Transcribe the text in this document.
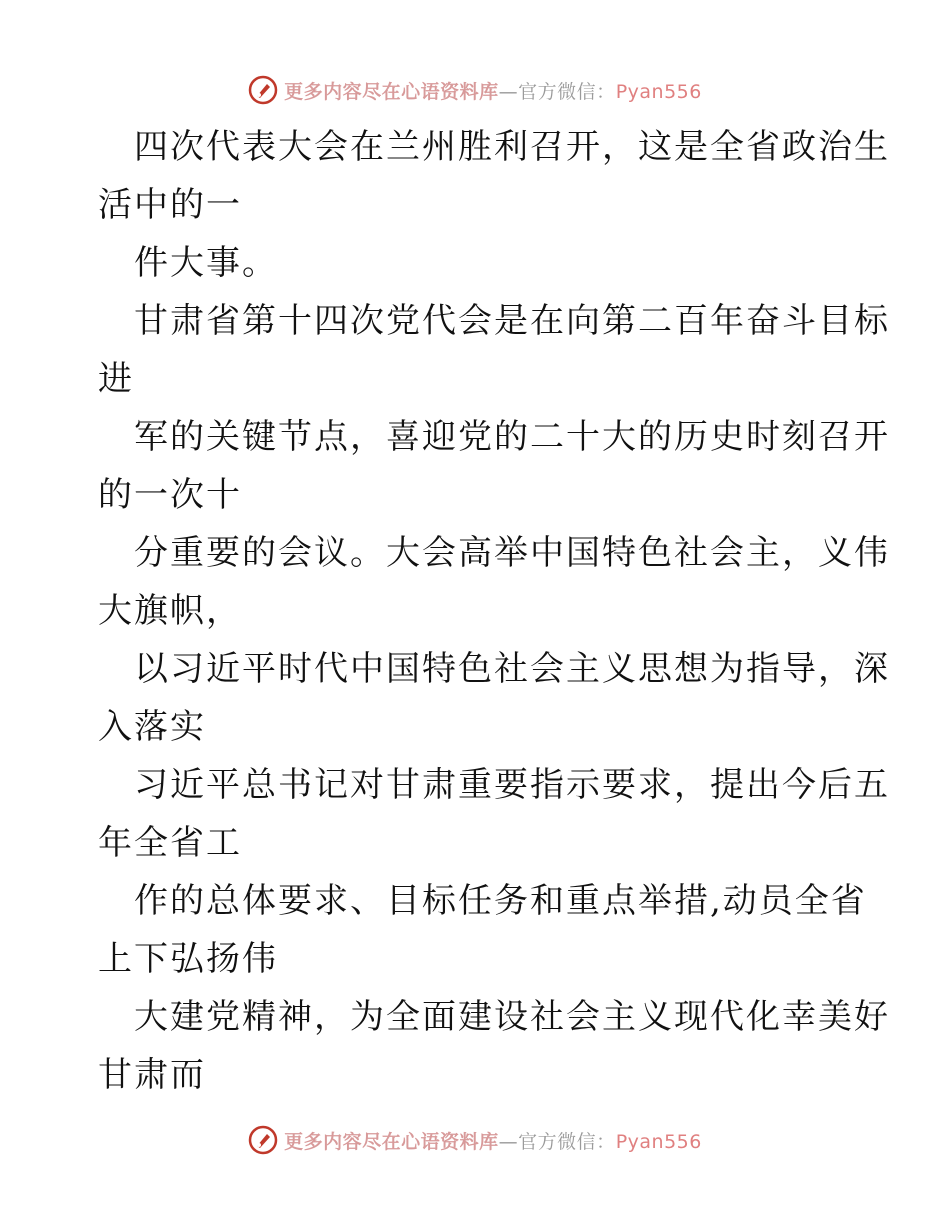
更多内容尽在心语资料库—官方微信：Pyan556
四次代表大会在兰州胜利召开，这是全省政治生
活中的一
件大事。
甘肃省第十四次党代会是在向第二百年奋斗目标
进
军的关键节点，喜迎党的二十大的历史时刻召开
的一次十
分重要的会议。大会高举中国特色社会主，义伟
大旗帜，
以习近平时代中国特色社会主义思想为指导，深
入落实
习近平总书记对甘肃重要指示要求，提出今后五
年全省工
作的总体要求、目标任务和重点举措,动员全省
上下弘扬伟
大建党精神，为全面建设社会主义现代化幸美好
甘肃而
更多内容尽在心语资料库—官方微信：Pyan556
